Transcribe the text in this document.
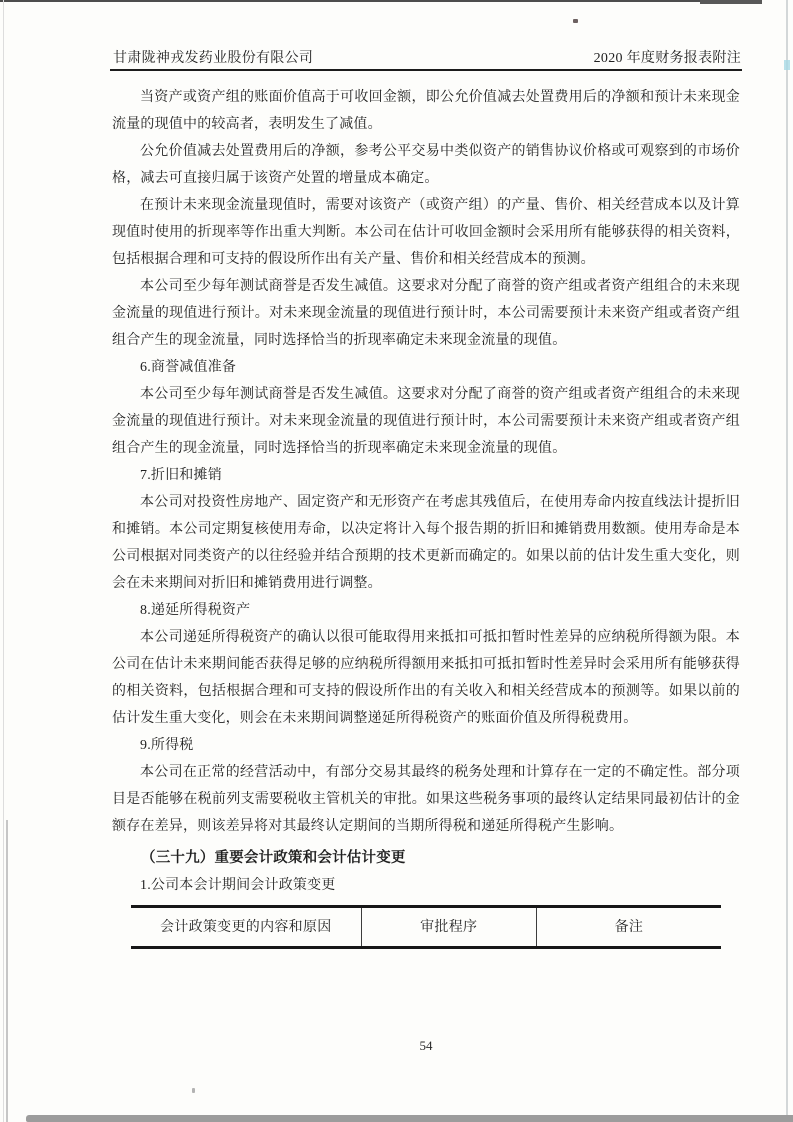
甘肃陇神戎发药业股份有限公司	2020 年度财务报表附注

当资产或资产组的账面价值高于可收回金额，即公允价值减去处置费用后的净额和预计未来现金流量的现值中的较高者，表明发生了减值。

公允价值减去处置费用后的净额，参考公平交易中类似资产的销售协议价格或可观察到的市场价格，减去可直接归属于该资产处置的增量成本确定。

在预计未来现金流量现值时，需要对该资产（或资产组）的产量、售价、相关经营成本以及计算现值时使用的折现率等作出重大判断。本公司在估计可收回金额时会采用所有能够获得的相关资料，包括根据合理和可支持的假设所作出有关产量、售价和相关经营成本的预测。

本公司至少每年测试商誉是否发生减值。这要求对分配了商誉的资产组或者资产组组合的未来现金流量的现值进行预计。对未来现金流量的现值进行预计时，本公司需要预计未来资产组或者资产组组合产生的现金流量，同时选择恰当的折现率确定未来现金流量的现值。

6.商誉减值准备

本公司至少每年测试商誉是否发生减值。这要求对分配了商誉的资产组或者资产组组合的未来现金流量的现值进行预计。对未来现金流量的现值进行预计时，本公司需要预计未来资产组或者资产组组合产生的现金流量，同时选择恰当的折现率确定未来现金流量的现值。

7.折旧和摊销

本公司对投资性房地产、固定资产和无形资产在考虑其残值后，在使用寿命内按直线法计提折旧和摊销。本公司定期复核使用寿命，以决定将计入每个报告期的折旧和摊销费用数额。使用寿命是本公司根据对同类资产的以往经验并结合预期的技术更新而确定的。如果以前的估计发生重大变化，则会在未来期间对折旧和摊销费用进行调整。

8.递延所得税资产

本公司递延所得税资产的确认以很可能取得用来抵扣可抵扣暂时性差异的应纳税所得额为限。本公司在估计未来期间能否获得足够的应纳税所得额用来抵扣可抵扣暂时性差异时会采用所有能够获得的相关资料，包括根据合理和可支持的假设所作出的有关收入和相关经营成本的预测等。如果以前的估计发生重大变化，则会在未来期间调整递延所得税资产的账面价值及所得税费用。

9.所得税

本公司在正常的经营活动中，有部分交易其最终的税务处理和计算存在一定的不确定性。部分项目是否能够在税前列支需要税收主管机关的审批。如果这些税务事项的最终认定结果同最初估计的金额存在差异，则该差异将对其最终认定期间的当期所得税和递延所得税产生影响。

（三十九）重要会计政策和会计估计变更

1.公司本会计期间会计政策变更

会计政策变更的内容和原因	审批程序	备注
54
